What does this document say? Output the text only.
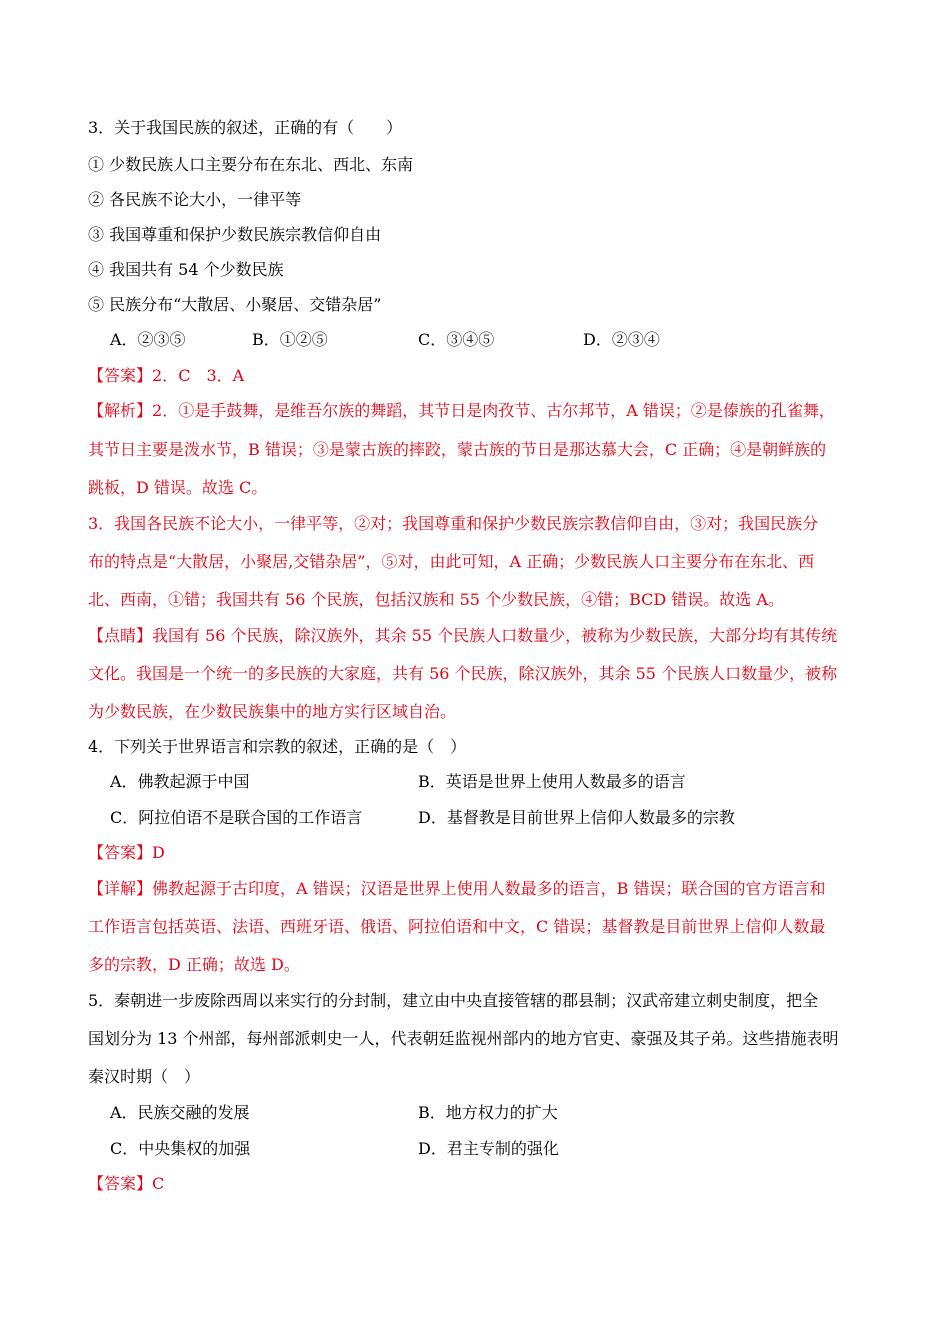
3．关于我国民族的叙述，正确的有（　　）
① 少数民族人口主要分布在东北、西北、东南
② 各民族不论大小，一律平等
③ 我国尊重和保护少数民族宗教信仰自由
④ 我国共有 54 个少数民族
⑤ 民族分布“大散居、小聚居、交错杂居”
A．②③⑤	B．①②⑤	C．③④⑤	D．②③④
【答案】2．C　3．A
【解析】2．①是手鼓舞，是维吾尔族的舞蹈，其节日是肉孜节、古尔邦节，A 错误；②是傣族的孔雀舞，
其节日主要是泼水节，B 错误；③是蒙古族的摔跤，蒙古族的节日是那达慕大会，C 正确；④是朝鲜族的
跳板，D 错误。故选 C。
3．我国各民族不论大小，一律平等，②对；我国尊重和保护少数民族宗教信仰自由，③对；我国民族分
布的特点是“大散居，小聚居,交错杂居”，⑤对，由此可知，A 正确；少数民族人口主要分布在东北、西
北、西南，①错；我国共有 56 个民族，包括汉族和 55 个少数民族，④错；BCD 错误。故选 A。
【点睛】我国有 56 个民族，除汉族外，其余 55 个民族人口数量少，被称为少数民族，大部分均有其传统
文化。我国是一个统一的多民族的大家庭，共有 56 个民族，除汉族外，其余 55 个民族人口数量少，被称
为少数民族，在少数民族集中的地方实行区域自治。
4．下列关于世界语言和宗教的叙述，正确的是（　）
A．佛教起源于中国	B．英语是世界上使用人数最多的语言
C．阿拉伯语不是联合国的工作语言	D．基督教是目前世界上信仰人数最多的宗教
【答案】D
【详解】佛教起源于古印度，A 错误；汉语是世界上使用人数最多的语言，B 错误；联合国的官方语言和
工作语言包括英语、法语、西班牙语、俄语、阿拉伯语和中文，C 错误；基督教是目前世界上信仰人数最
多的宗教，D 正确；故选 D。
5．秦朝进一步废除西周以来实行的分封制，建立由中央直接管辖的郡县制；汉武帝建立刺史制度，把全
国划分为 13 个州部，每州部派刺史一人，代表朝廷监视州部内的地方官吏、豪强及其子弟。这些措施表明
秦汉时期（　）
A．民族交融的发展	B．地方权力的扩大
C．中央集权的加强	D．君主专制的强化
【答案】C
